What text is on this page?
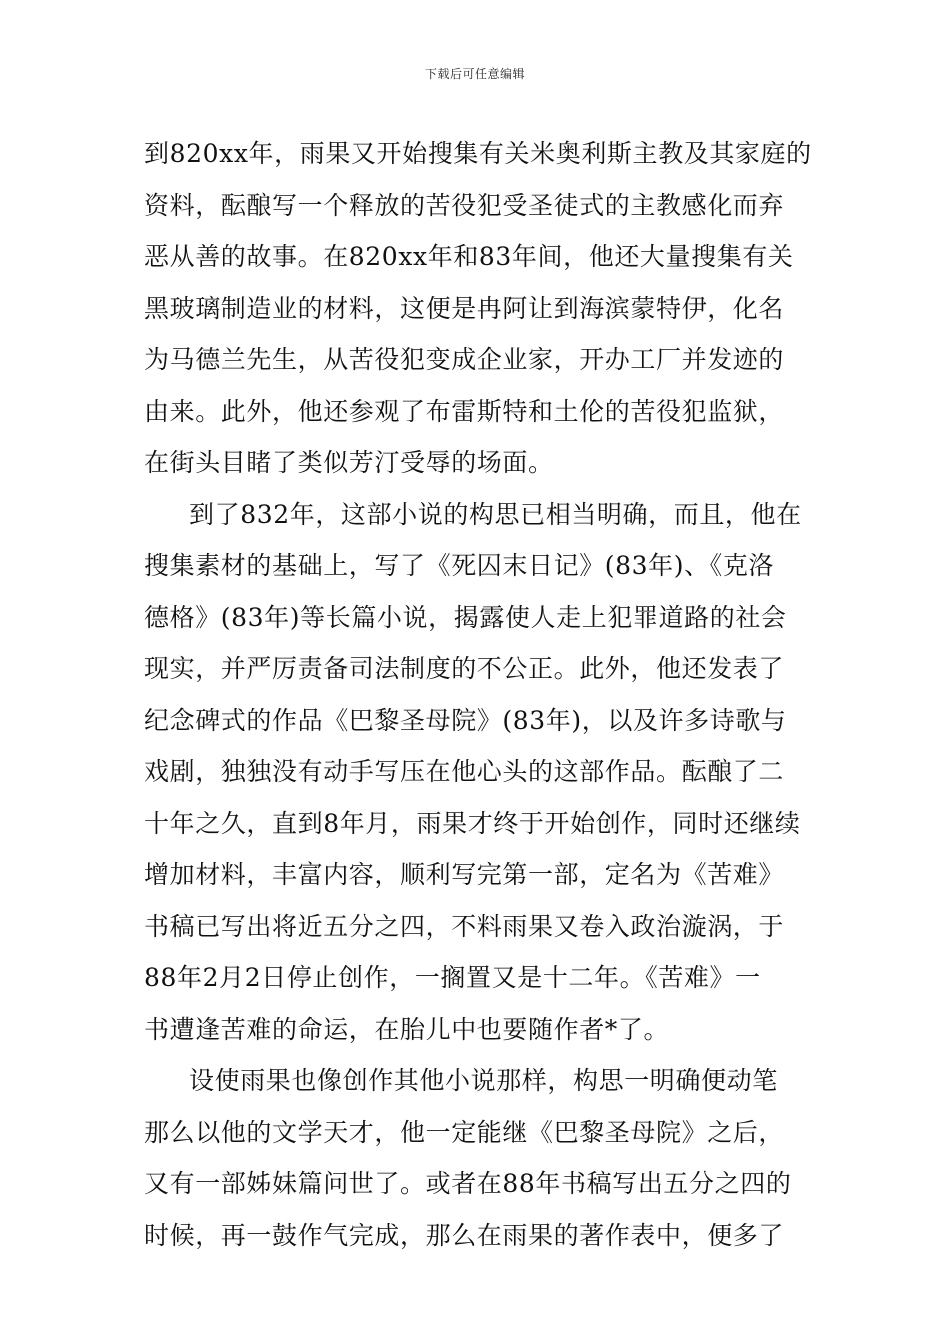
下载后可任意编辑
到820xx年，雨果又开始搜集有关米奥利斯主教及其家庭的
资料，酝酿写一个释放的苦役犯受圣徒式的主教感化而弃
恶从善的故事。在820xx年和83年间，他还大量搜集有关
黑玻璃制造业的材料，这便是冉阿让到海滨蒙特伊，化名
为马德兰先生，从苦役犯变成企业家，开办工厂并发迹的
由来。此外，他还参观了布雷斯特和土伦的苦役犯监狱，
在街头目睹了类似芳汀受辱的场面。
到了832年，这部小说的构思已相当明确，而且，他在
搜集素材的基础上，写了《死囚末日记》(83年)、《克洛
德格》(83年)等长篇小说，揭露使人走上犯罪道路的社会
现实，并严厉责备司法制度的不公正。此外，他还发表了
纪念碑式的作品《巴黎圣母院》(83年)，以及许多诗歌与
戏剧，独独没有动手写压在他心头的这部作品。酝酿了二
十年之久，直到8年月，雨果才终于开始创作，同时还继续
增加材料，丰富内容，顺利写完第一部，定名为《苦难》
书稿已写出将近五分之四，不料雨果又卷入政治漩涡，于
88年2月2日停止创作，一搁置又是十二年。《苦难》一
书遭逢苦难的命运，在胎儿中也要随作者*了。
设使雨果也像创作其他小说那样，构思一明确便动笔
那么以他的文学天才，他一定能继《巴黎圣母院》之后，
又有一部姊妹篇问世了。或者在88年书稿写出五分之四的
时候，再一鼓作气完成，那么在雨果的著作表中，便多了
